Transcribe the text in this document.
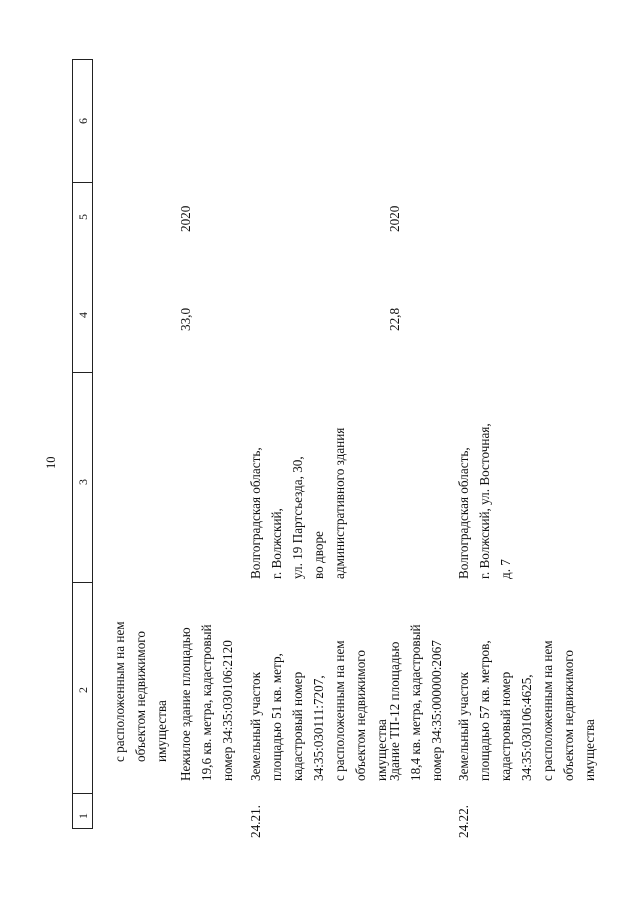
10
1
2
3
4
5
6
с расположенным на нем объектом недвижимого имущества Нежилое здание площадью 19,6 кв. метра, кадастровый номер 34:35:030106:2120
33,0
2020
24.21.
Земельный участок площадью 51 кв. метр, кадастровый номер 34:35:030111:7207, с расположенным на нем объектом недвижимого имущества
Волгоградская область, г. Волжский, ул. 19 Партсъезда, 30, во дворе административного здания
Здание ТП-12 площадью 18,4 кв. метра, кадастровый номер 34:35:000000:2067
22,8
2020
24.22.
Земельный участок площадью 57 кв. метров, кадастровый номер 34:35:030106:4625, с расположенным на нем объектом недвижимого имущества
Волгоградская область, г. Волжский, ул. Восточная, д. 7
